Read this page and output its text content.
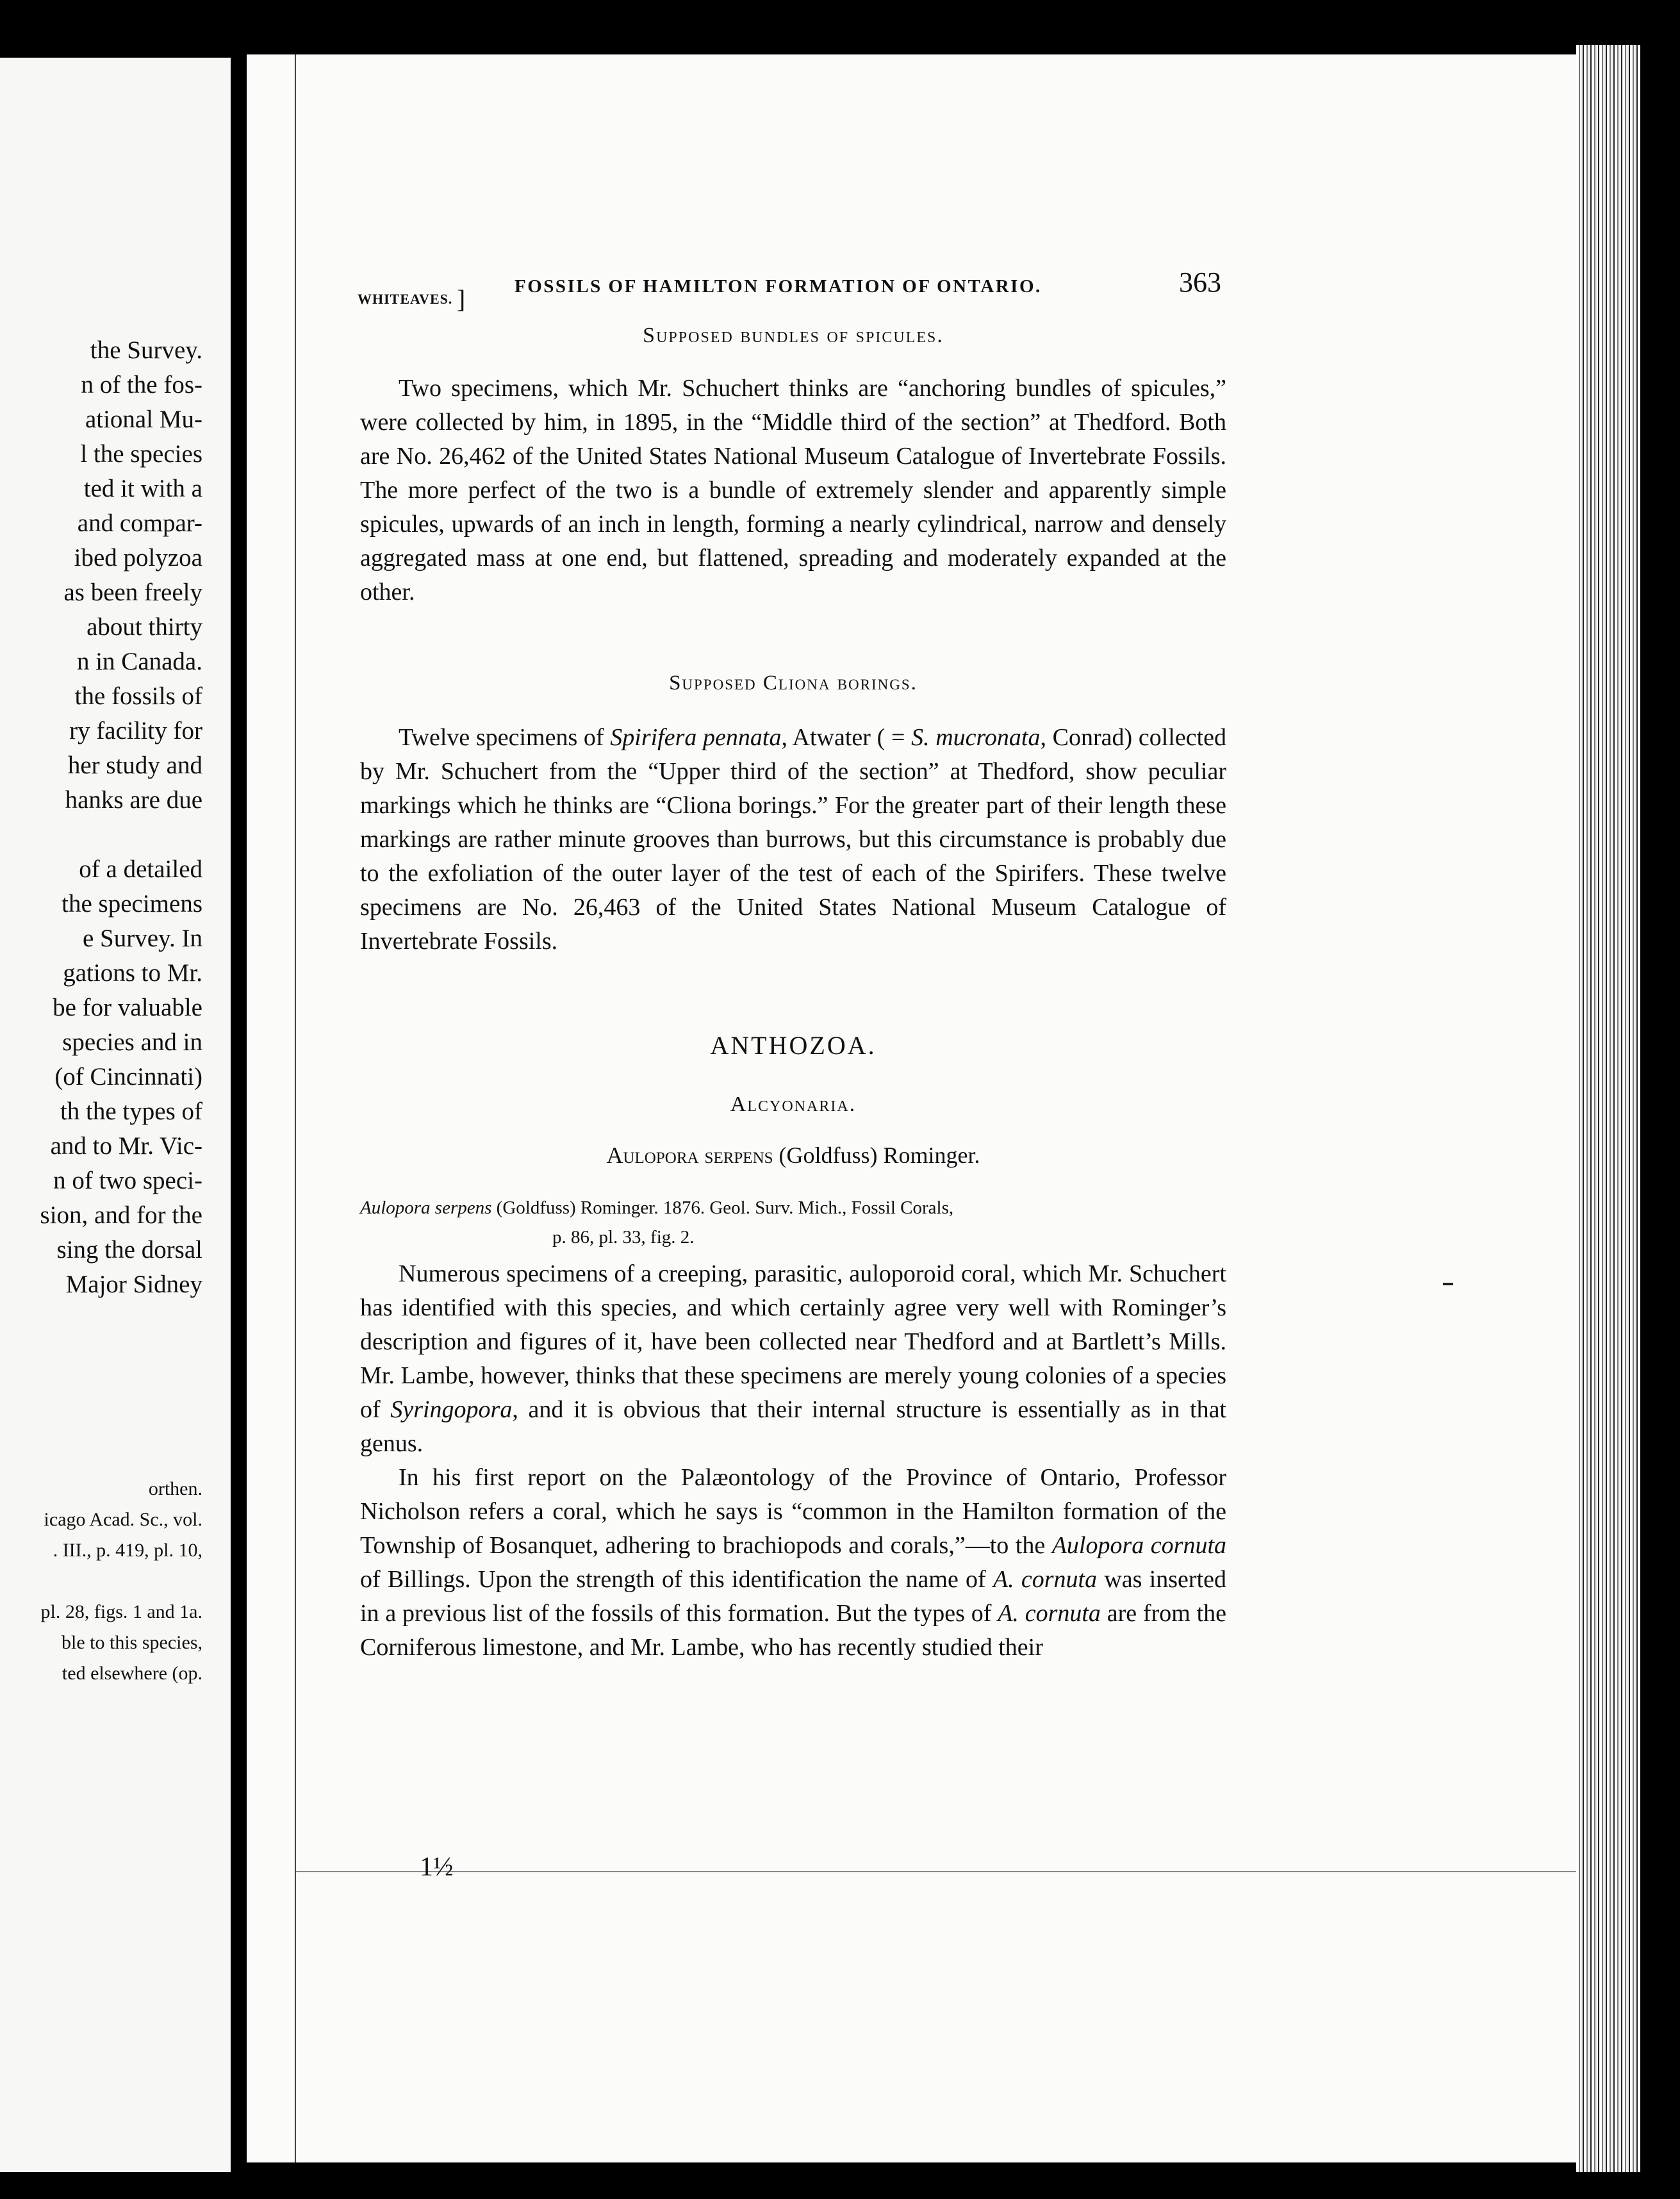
the Survey.
n of the fos-
ational Mu-
l the species
ted it with a
and compar-
ibed polyzoa
as been freely
about thirty
n in Canada.
the fossils of
ry facility for
her study and
hanks are due

of a detailed
the specimens
e Survey. In
gations to Mr.
be for valuable
species and in
(of Cincinnati)
th the types of
and to Mr. Vic-
n of two speci-
sion, and for the
sing the dorsal
Major Sidney
orthen.
icago Acad. Sc., vol.
. III., p. 419, pl. 10,

pl. 28, figs. 1 and 1a.
ble to this species,
ted elsewhere (op.
WHITEAVES. ]	FOSSILS OF HAMILTON FORMATION OF ONTARIO.	363
Supposed bundles of spicules.

Two specimens, which Mr. Schuchert thinks are “anchoring bundles of spicules,” were collected by him, in 1895, in the “Middle third of the section” at Thedford. Both are No. 26,462 of the United States National Museum Catalogue of Invertebrate Fossils. The more perfect of the two is a bundle of extremely slender and apparently simple spicules, upwards of an inch in length, forming a nearly cylindrical, narrow and densely aggregated mass at one end, but flattened, spreading and moderately expanded at the other.

Supposed Cliona borings.

Twelve specimens of Spirifera pennata, Atwater ( = S. mucronata, Conrad) collected by Mr. Schuchert from the “Upper third of the section” at Thedford, show peculiar markings which he thinks are “Cliona borings.” For the greater part of their length these markings are rather minute grooves than burrows, but this circumstance is probably due to the exfoliation of the outer layer of the test of each of the Spirifers. These twelve specimens are No. 26,463 of the United States National Museum Catalogue of Invertebrate Fossils.

ANTHOZOA.
Alcyonaria.
Aulopora serpens (Goldfuss) Rominger.
Aulopora serpens (Goldfuss) Rominger. 1876. Geol. Surv. Mich., Fossil Corals,
p. 86, pl. 33, fig. 2.

Numerous specimens of a creeping, parasitic, auloporoid coral, which Mr. Schuchert has identified with this species, and which certainly agree very well with Rominger’s description and figures of it, have been collected near Thedford and at Bartlett’s Mills. Mr. Lambe, however, thinks that these specimens are merely young colonies of a species of Syringopora, and it is obvious that their internal structure is essentially as in that genus.

In his first report on the Palæontology of the Province of Ontario, Professor Nicholson refers a coral, which he says is “common in the Hamilton formation of the Township of Bosanquet, adhering to brachiopods and corals,”—to the Aulopora cornuta of Billings. Upon the strength of this identification the name of A. cornuta was inserted in a previous list of the fossils of this formation. But the types of A. cornuta are from the Corniferous limestone, and Mr. Lambe, who has recently studied their

1½
